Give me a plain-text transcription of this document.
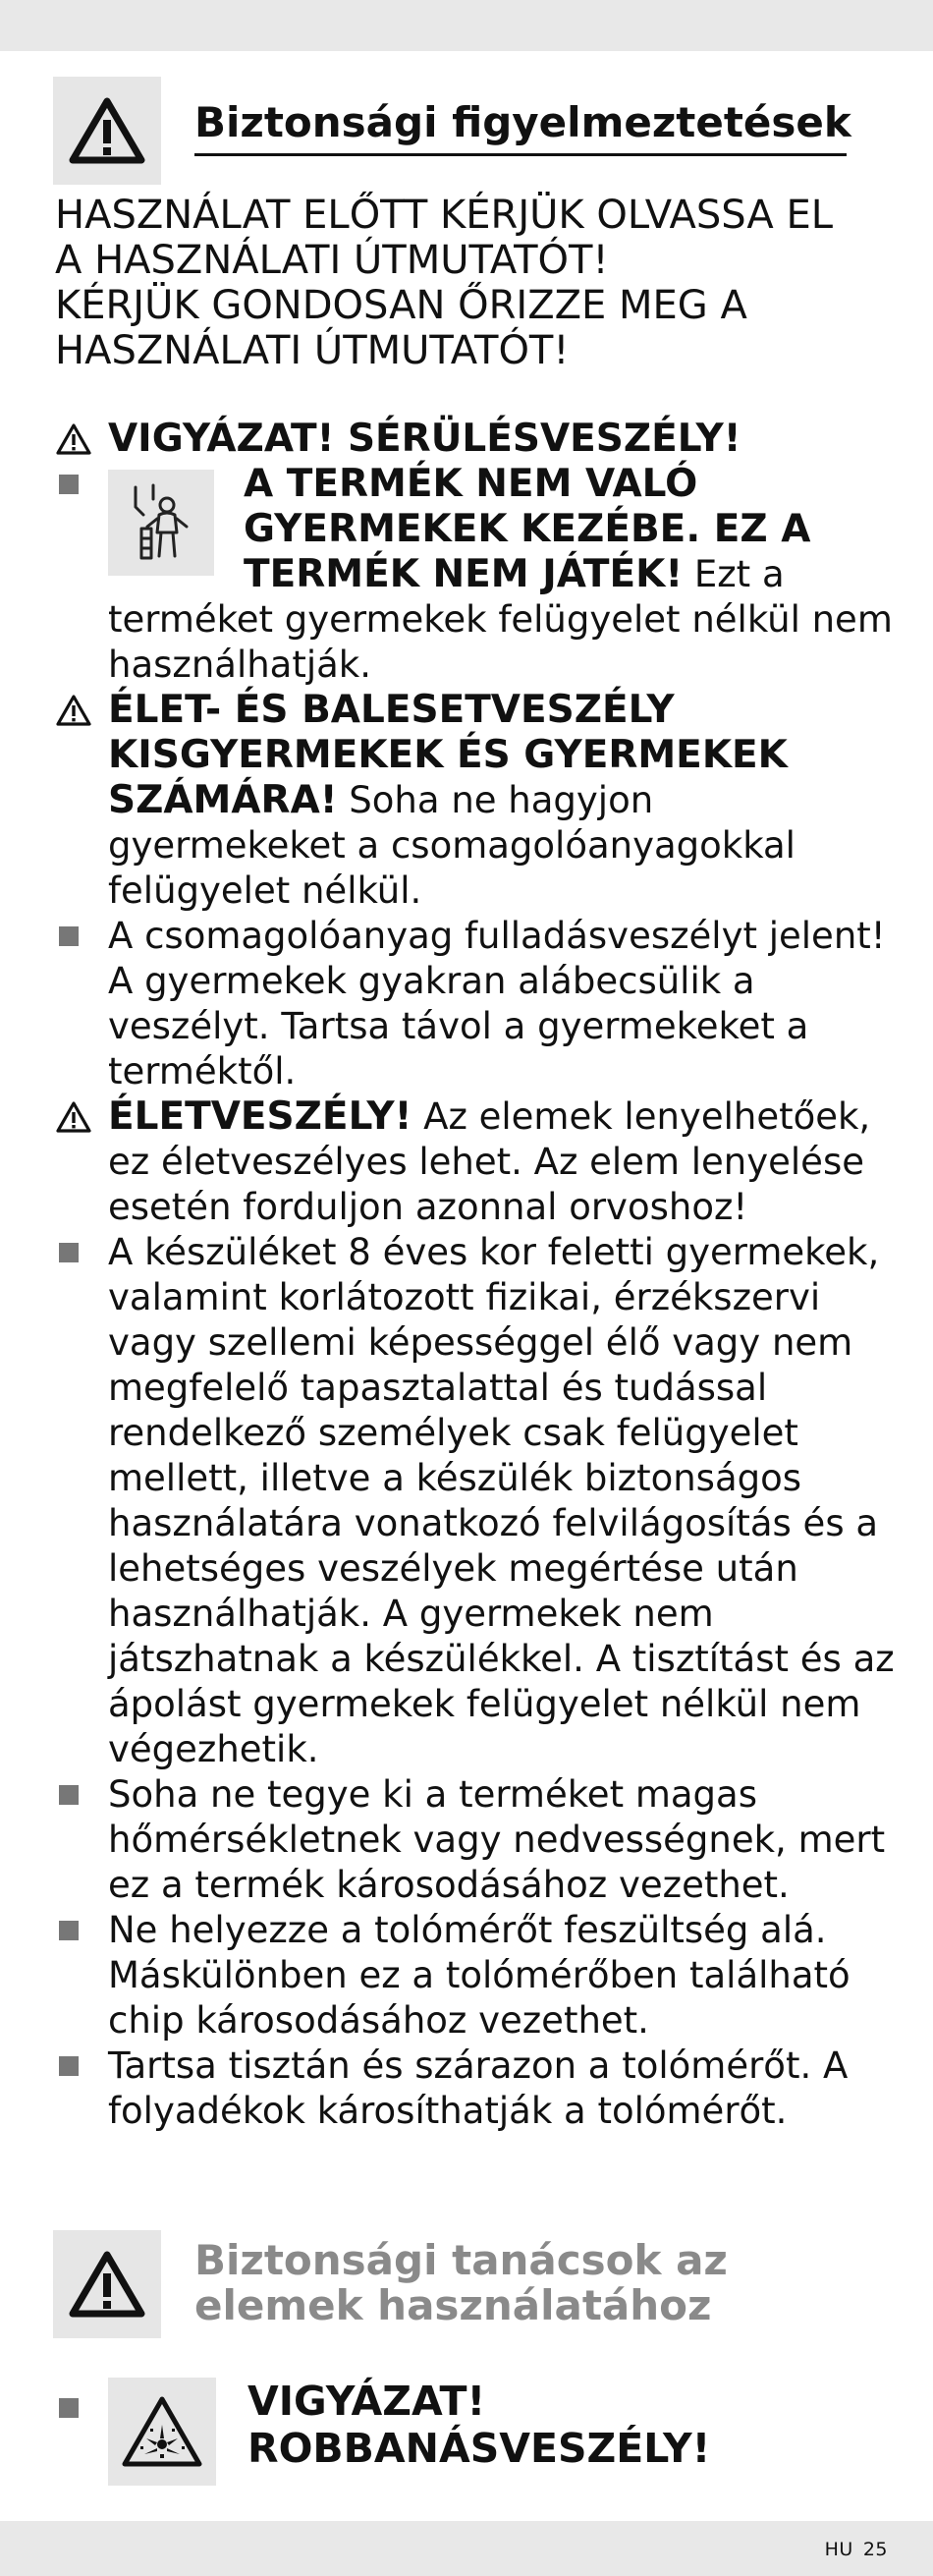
Biztonsági figyelmeztetések
HASZNÁLAT ELŐTT KÉRJÜK OLVASSA EL
A HASZNÁLATI ÚTMUTATÓT!
KÉRJÜK GONDOSAN ŐRIZZE MEG A
HASZNÁLATI ÚTMUTATÓT!
VIGYÁZAT! SÉRÜLÉSVESZÉLY!
A TERMÉK NEM VALÓ GYERMEKEK KEZÉBE. EZ A TERMÉK NEM JÁTÉK! Ezt a terméket gyermekek felügyelet nélkül nem használhatják.
ÉLET- ÉS BALESETVESZÉLY KISGYERMEKEK ÉS GYERMEKEK SZÁMÁRA! Soha ne hagyjon gyermekeket a csomagolóanyagokkal felügyelet nélkül.
A csomagolóanyag fulladásveszélyt jelent! A gyermekek gyakran alábecsülik a veszélyt. Tartsa távol a gyermekeket a terméktől.
ÉLETVESZÉLY! Az elemek lenyelhetőek, ez életveszélyes lehet. Az elem lenyelése esetén forduljon azonnal orvoshoz!
A készüléket 8 éves kor feletti gyermekek, valamint korlátozott fizikai, érzékszervi vagy szellemi képességgel élő vagy nem megfelelő tapasztalattal és tudással rendelkező személyek csak felügyelet mellett, illetve a készülék biztonságos használatára vonatkozó felvilágosítás és a lehetséges veszélyek megértése után használhatják. A gyermekek nem játszhatnak a készülékkel. A tisztítást és az ápolást gyermekek felügyelet nélkül nem végezhetik.
Soha ne tegye ki a terméket magas hőmérsékletnek vagy nedvességnek, mert ez a termék károsodásához vezethet.
Ne helyezze a tolómérőt feszültség alá. Máskülönben ez a tolómérőben található chip károsodásához vezethet.
Tartsa tisztán és szárazon a tolómérőt. A folyadékok károsíthatják a tolómérőt.
Biztonsági tanácsok az
elemek használatához
VIGYÁZAT!
ROBBANÁSVESZÉLY!
HU 25
